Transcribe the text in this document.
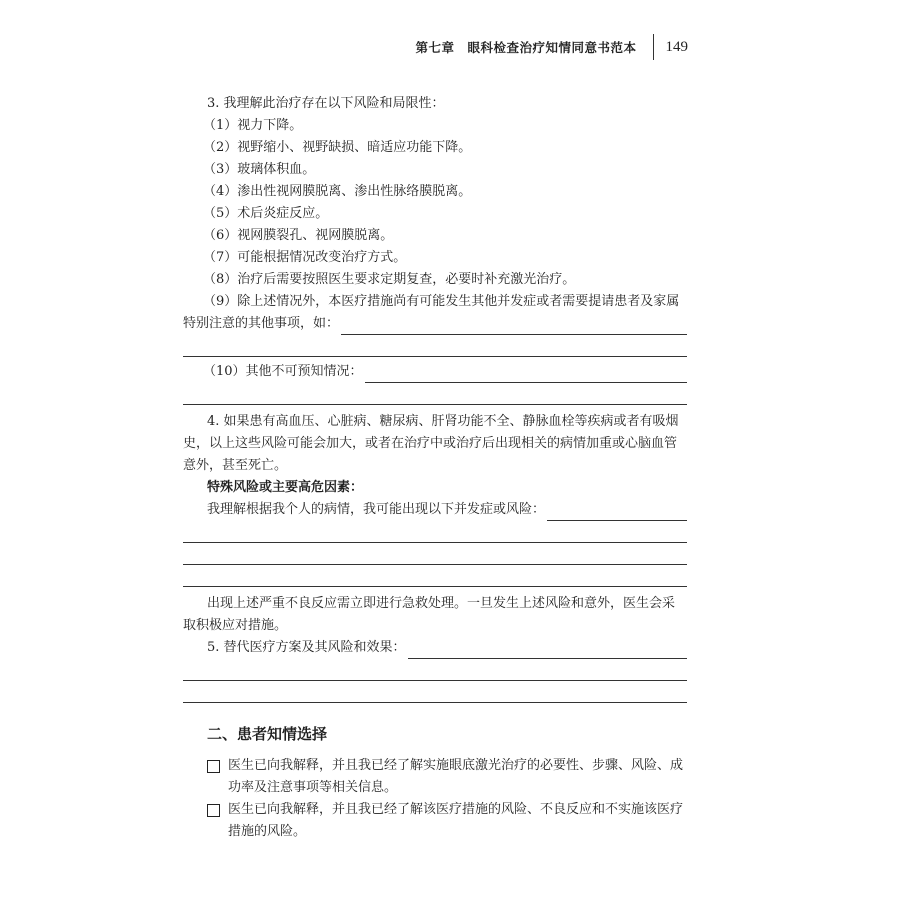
第七章　眼科检查治疗知情同意书范本 149
3. 我理解此治疗存在以下风险和局限性：
（1）视力下降。
（2）视野缩小、视野缺损、暗适应功能下降。
（3）玻璃体积血。
（4）渗出性视网膜脱离、渗出性脉络膜脱离。
（5）术后炎症反应。
（6）视网膜裂孔、视网膜脱离。
（7）可能根据情况改变治疗方式。
（8）治疗后需要按照医生要求定期复查，必要时补充激光治疗。
（9）除上述情况外，本医疗措施尚有可能发生其他并发症或者需要提请患者及家属
特别注意的其他事项，如：
（10）其他不可预知情况：
4. 如果患有高血压、心脏病、糖尿病、肝肾功能不全、静脉血栓等疾病或者有吸烟
史，以上这些风险可能会加大，或者在治疗中或治疗后出现相关的病情加重或心脑血管
意外，甚至死亡。
特殊风险或主要高危因素：
我理解根据我个人的病情，我可能出现以下并发症或风险：
出现上述严重不良反应需立即进行急救处理。一旦发生上述风险和意外，医生会采
取积极应对措施。
5. 替代医疗方案及其风险和效果：
二、患者知情选择
医生已向我解释，并且我已经了解实施眼底激光治疗的必要性、步骤、风险、成
功率及注意事项等相关信息。
医生已向我解释，并且我已经了解该医疗措施的风险、不良反应和不实施该医疗
措施的风险。
